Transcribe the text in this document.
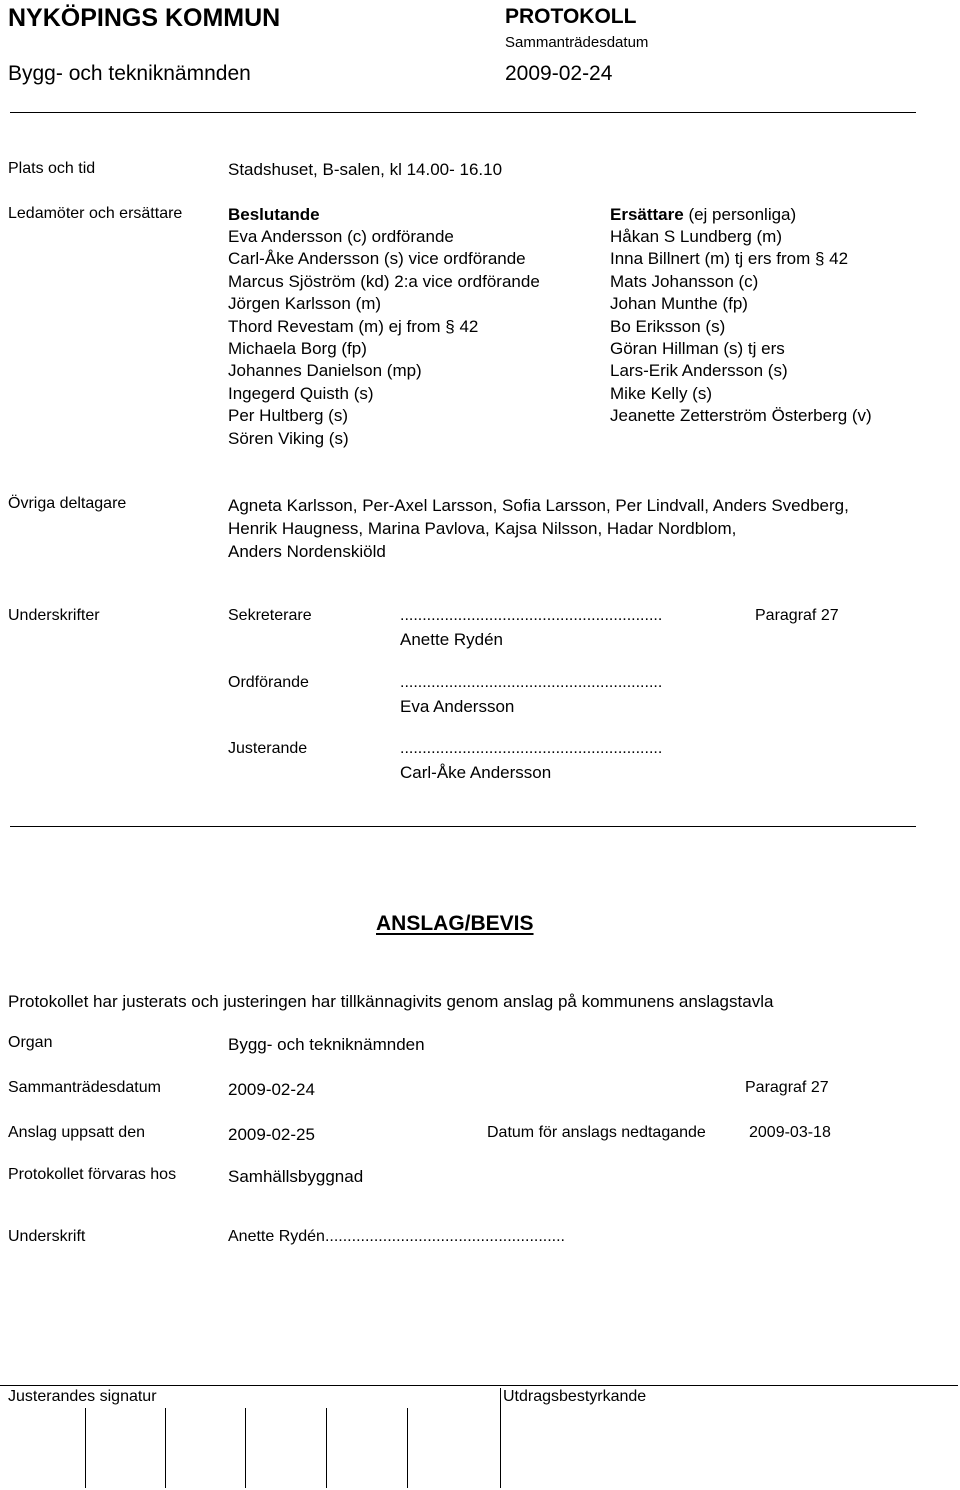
NYKÖPINGS KOMMUN
Bygg- och tekniknämnden
PROTOKOLL
Sammanträdesdatum
2009-02-24
Plats och tid	Stadshuset, B-salen, kl 14.00- 16.10
Ledamöter och ersättare	Beslutande
Eva Andersson (c) ordförande
Carl-Åke Andersson (s) vice ordförande
Marcus Sjöström (kd) 2:a vice ordförande
Jörgen Karlsson (m)
Thord Revestam (m) ej from § 42
Michaela Borg (fp)
Johannes Danielson (mp)
Ingegerd Quisth (s)
Per Hultberg (s)
Sören Viking (s)
Ersättare (ej personliga)
Håkan S Lundberg (m)
Inna Billnert (m) tj ers from § 42
Mats Johansson (c)
Johan Munthe (fp)
Bo Eriksson (s)
Göran Hillman (s) tj ers
Lars-Erik Andersson (s)
Mike Kelly (s)
Jeanette Zetterström Österberg (v)
Övriga deltagare	Agneta Karlsson, Per-Axel Larsson, Sofia Larsson, Per Lindvall, Anders Svedberg,
Henrik Haugness, Marina Pavlova, Kajsa Nilsson, Hadar Nordblom,
Anders Nordenskiöld
Underskrifter	Sekreterare	...........................................................	Paragraf 27
Anette Rydén
Ordförande	...........................................................
Eva Andersson
Justerande	...........................................................
Carl-Åke Andersson
ANSLAG/BEVIS
Protokollet har justerats och justeringen har tillkännagivits genom anslag på kommunens anslagstavla
Organ	Bygg- och tekniknämnden
Sammanträdesdatum	2009-02-24	Paragraf 27
Anslag uppsatt den	2009-02-25	Datum för anslags nedtagande	2009-03-18
Protokollet förvaras hos	Samhällsbyggnad
Underskrift	Anette Rydén......................................................
Justerandes signatur	Utdragsbestyrkande
